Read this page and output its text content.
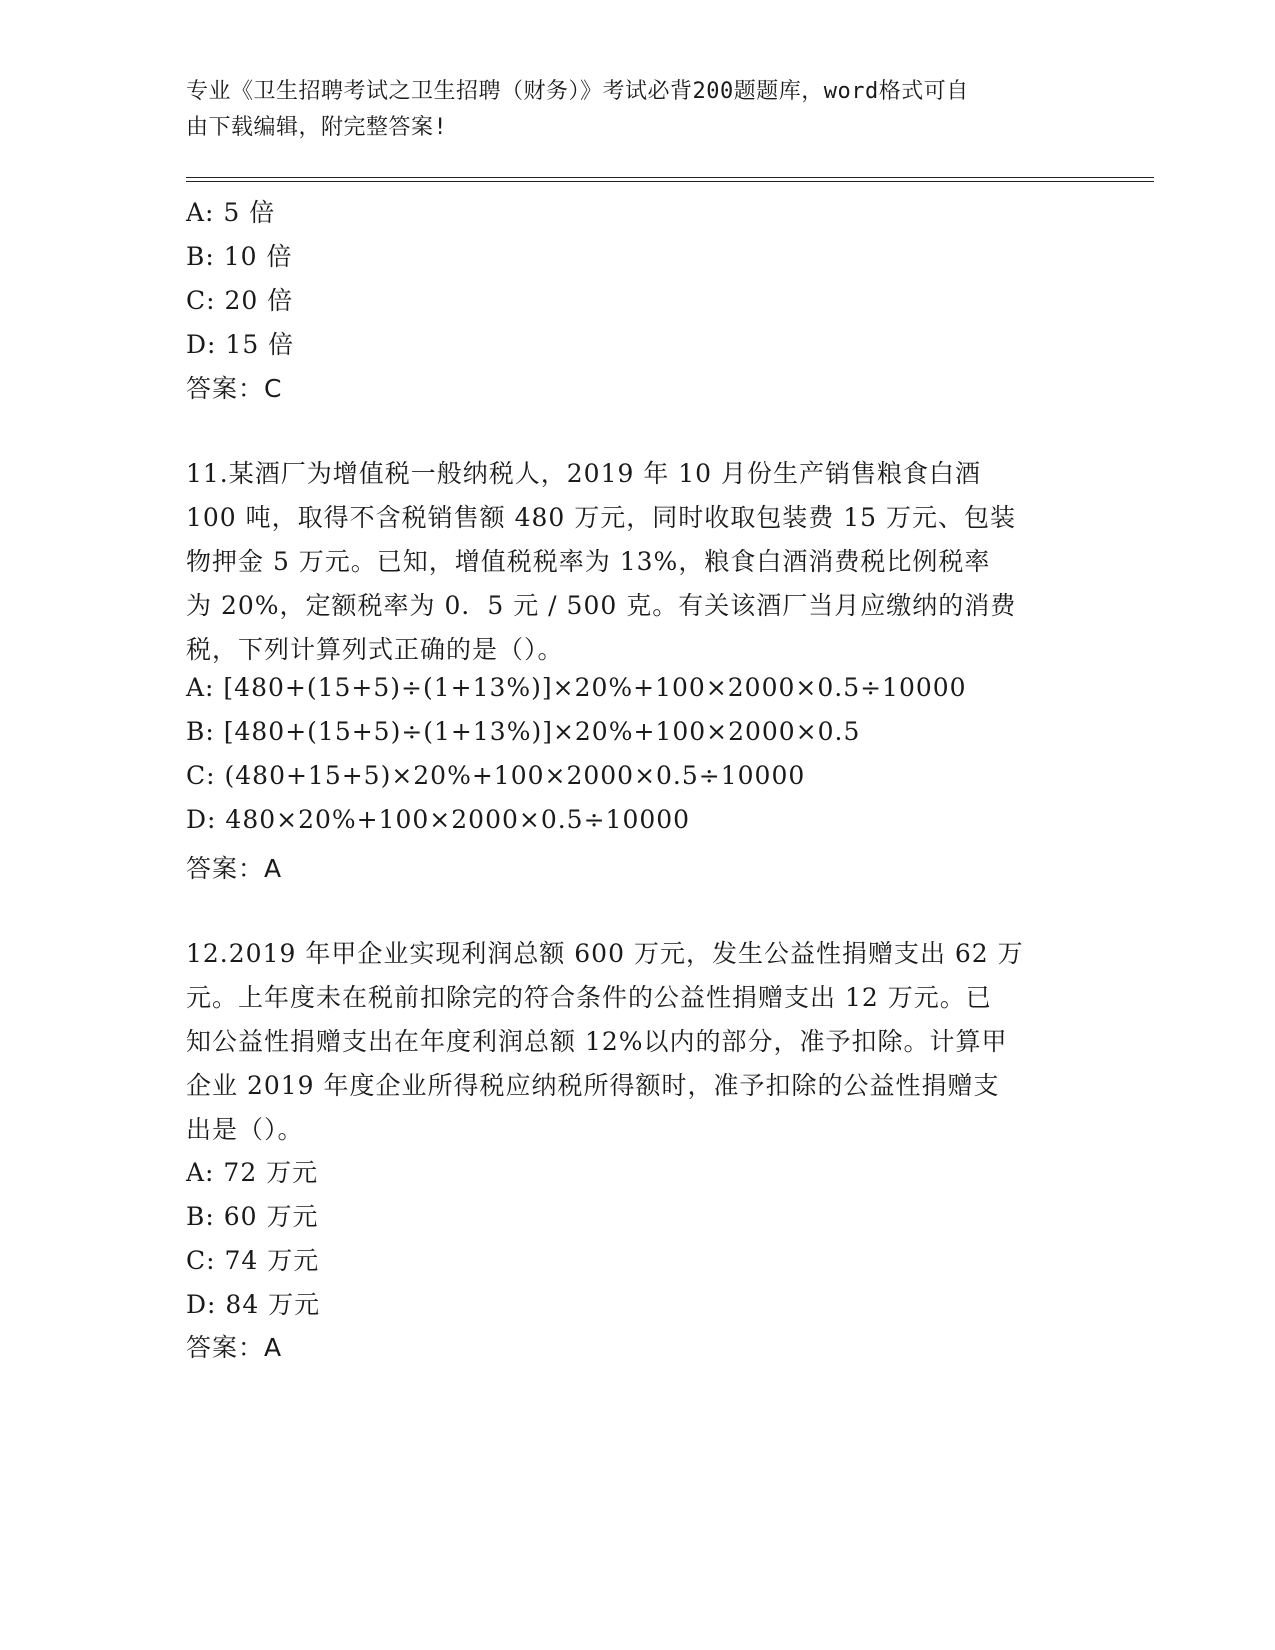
专业《卫生招聘考试之卫生招聘（财务）》考试必背200题题库，word格式可自
由下载编辑，附完整答案!
A: 5 倍
B: 10 倍
C: 20 倍
D: 15 倍
答案：C
11.某酒厂为增值税一般纳税人，2019 年 10 月份生产销售粮食白酒
100 吨，取得不含税销售额 480 万元，同时收取包装费 15 万元、包装
物押金 5 万元。已知，增值税税率为 13%，粮食白酒消费税比例税率
为 20%，定额税率为 0．5 元 / 500 克。有关该酒厂当月应缴纳的消费
税，下列计算列式正确的是（）。
A: [480+(15+5)÷(1+13%)]×20%+100×2000×0.5÷10000
B: [480+(15+5)÷(1+13%)]×20%+100×2000×0.5
C: (480+15+5)×20%+100×2000×0.5÷10000
D: 480×20%+100×2000×0.5÷10000
答案：A
12.2019 年甲企业实现利润总额 600 万元，发生公益性捐赠支出 62 万
元。上年度未在税前扣除完的符合条件的公益性捐赠支出 12 万元。已
知公益性捐赠支出在年度利润总额 12%以内的部分，准予扣除。计算甲
企业 2019 年度企业所得税应纳税所得额时，准予扣除的公益性捐赠支
出是（）。
A: 72 万元
B: 60 万元
C: 74 万元
D: 84 万元
答案：A
